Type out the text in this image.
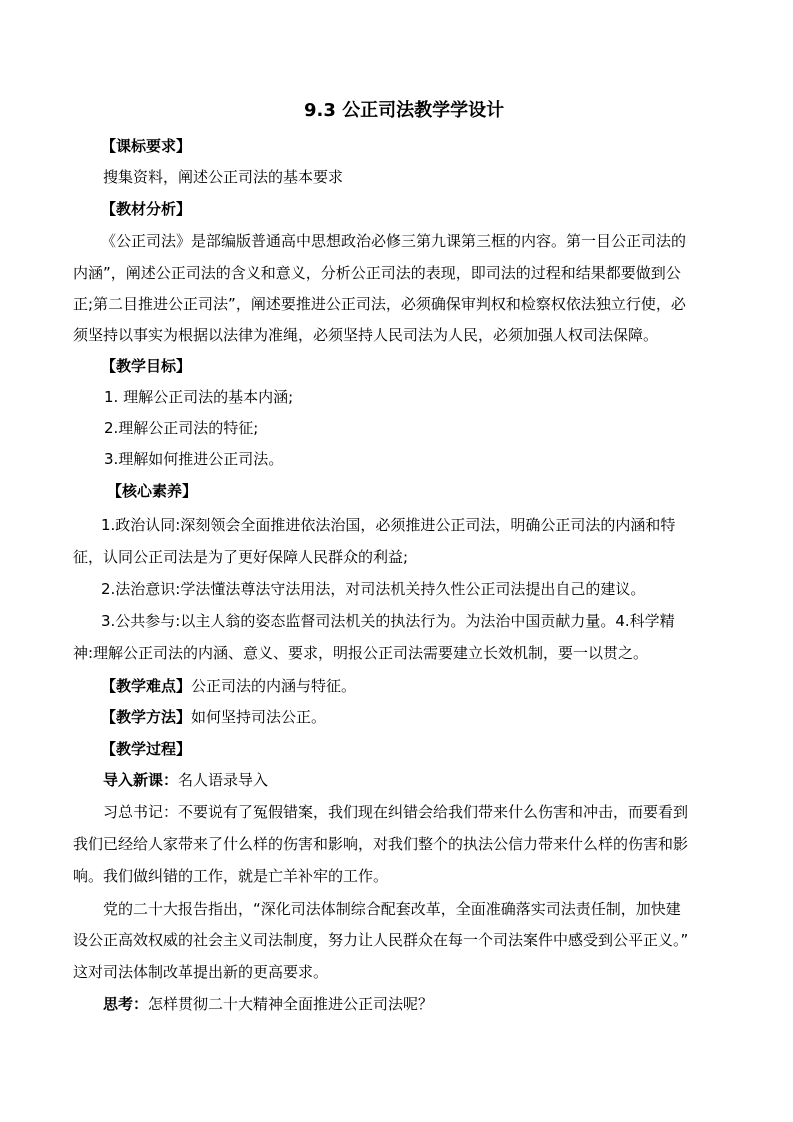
9.3 公正司法教学学设计
【课标要求】
搜集资料，阐述公正司法的基本要求
【教材分析】
《公正司法》是部编版普通高中思想政治必修三第九课第三框的内容。第一目公正司法的
内涵”，阐述公正司法的含义和意义，分析公正司法的表现，即司法的过程和结果都要做到公
正;第二目推进公正司法”，阐述要推进公正司法，必须确保审判权和检察权依法独立行使，必
须坚持以事实为根据以法律为准绳，必须坚持人民司法为人民，必须加强人权司法保障。
【教学目标】
1. 理解公正司法的基本内涵;
2.理解公正司法的特征;
3.理解如何推进公正司法。
【核心素养】
1.政治认同:深刻领会全面推进依法治国，必须推进公正司法，明确公正司法的内涵和特
征，认同公正司法是为了更好保障人民群众的利益;
2.法治意识:学法懂法尊法守法用法，对司法机关持久性公正司法提出自己的建议。
3.公共参与:以主人翁的姿态监督司法机关的执法行为。为法治中国贡献力量。4.科学精
神:理解公正司法的内涵、意义、要求，明报公正司法需要建立长效机制，要一以贯之。
【教学难点】公正司法的内涵与特征。
【教学方法】如何坚持司法公正。
【教学过程】
导入新课：名人语录导入
习总书记：不要说有了冤假错案，我们现在纠错会给我们带来什么伤害和冲击，而要看到
我们已经给人家带来了什么样的伤害和影响，对我们整个的执法公信力带来什么样的伤害和影
响。我们做纠错的工作，就是亡羊补牢的工作。
党的二十大报告指出，“深化司法体制综合配套改革，全面准确落实司法责任制，加快建
设公正高效权威的社会主义司法制度，努力让人民群众在每一个司法案件中感受到公平正义。”
这对司法体制改革提出新的更高要求。
思考：怎样贯彻二十大精神全面推进公正司法呢？
